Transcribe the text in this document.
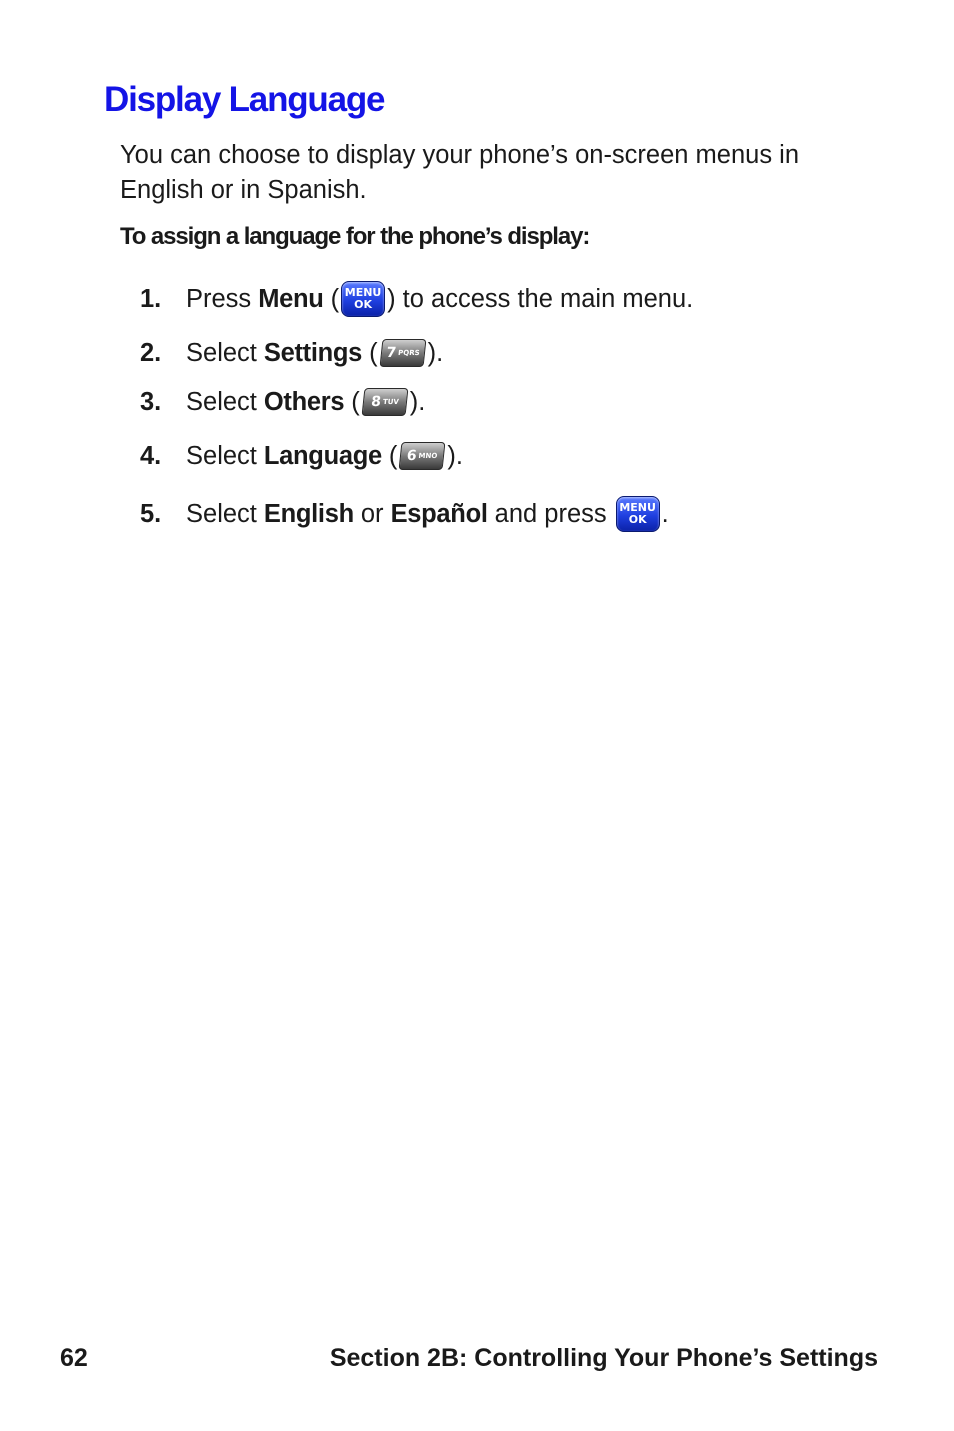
Display Language

You can choose to display your phone’s on-screen menus in English or in Spanish.

To assign a language for the phone’s display:

1. Press Menu ( MENU
OK ) to access the main menu.
2. Select Settings ( 7 PQRS ).
3. Select Others ( 8 TUV ).
4. Select Language ( 6 MNO ).
5. Select English or Español and press MENU
OK .
62	Section 2B: Controlling Your Phone’s Settings
